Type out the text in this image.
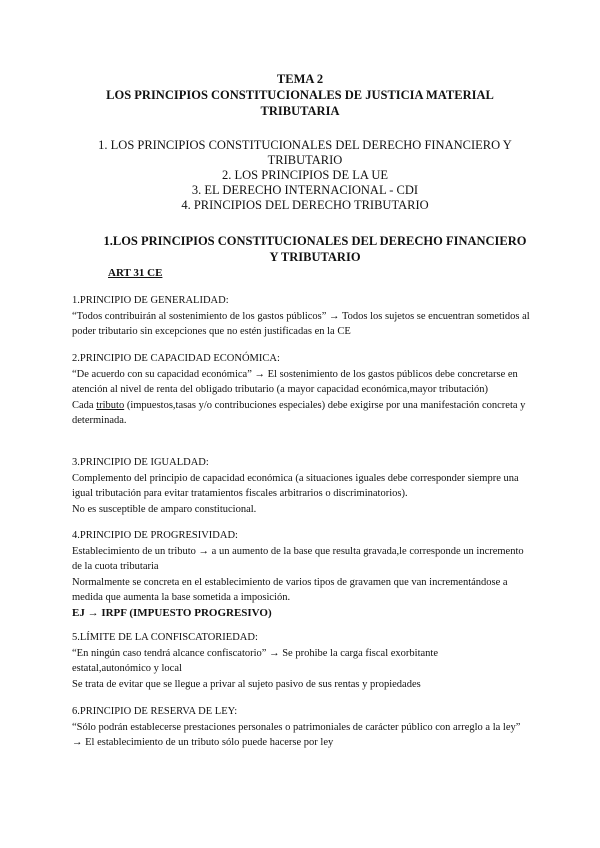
TEMA 2
LOS PRINCIPIOS CONSTITUCIONALES DE JUSTICIA MATERIAL
TRIBUTARIA
1. LOS PRINCIPIOS CONSTITUCIONALES DEL DERECHO FINANCIERO Y
TRIBUTARIO
2. LOS PRINCIPIOS DE LA UE
3. EL DERECHO INTERNACIONAL - CDI
4. PRINCIPIOS DEL DERECHO TRIBUTARIO
1.LOS PRINCIPIOS CONSTITUCIONALES DEL DERECHO FINANCIERO
Y TRIBUTARIO
ART 31 CE

1.PRINCIPIO DE GENERALIDAD:

“Todos contribuirán al sostenimiento de los gastos públicos” → Todos los sujetos se encuentran sometidos al poder tributario sin excepciones que no estén justificadas en la CE

2.PRINCIPIO DE CAPACIDAD ECONÓMICA:

“De acuerdo con su capacidad económica” → El sostenimiento de los gastos públicos debe concretarse en atención al nivel de renta del obligado tributario (a mayor capacidad económica,mayor tributación)

Cada tributo (impuestos,tasas y/o contribuciones especiales) debe exigirse por una manifestación concreta y determinada.

3.PRINCIPIO DE IGUALDAD:

Complemento del principio de capacidad económica (a situaciones iguales debe corresponder siempre una igual tributación para evitar tratamientos fiscales arbitrarios o discriminatorios).

No es susceptible de amparo constitucional.

4.PRINCIPIO DE PROGRESIVIDAD:

Establecimiento de un tributo → a un aumento de la base que resulta gravada,le corresponde un incremento de la cuota tributaria

Normalmente se concreta en el establecimiento de varios tipos de gravamen que van incrementándose a medida que aumenta la base sometida a imposición.

EJ → IRPF (IMPUESTO PROGRESIVO)

5.LÍMITE DE LA CONFISCATORIEDAD:

“En ningún caso tendrá alcance confiscatorio” → Se prohibe la carga fiscal exorbitante

estatal,autonómico y local

Se trata de evitar que se llegue a privar al sujeto pasivo de sus rentas y propiedades

6.PRINCIPIO DE RESERVA DE LEY:

“Sólo podrán establecerse prestaciones personales o patrimoniales de carácter público con arreglo a la ley” → El establecimiento de un tributo sólo puede hacerse por ley
